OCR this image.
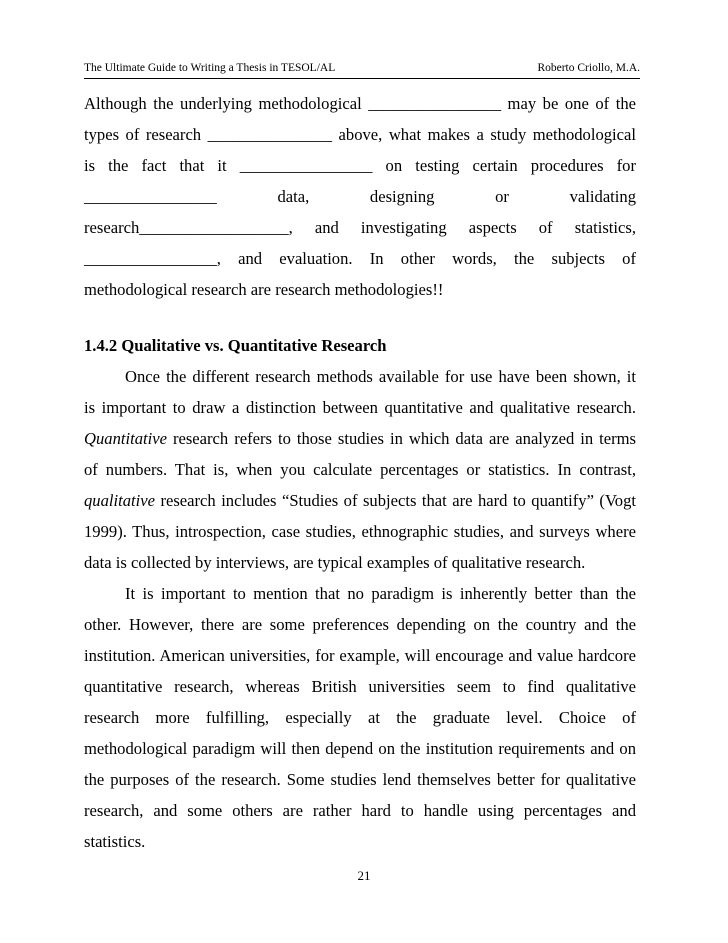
The Ultimate Guide to Writing a Thesis in TESOL/AL	Roberto Criollo, M.A.

Although the underlying methodological ________________ may be one of the
types of research _______________ above, what makes a study methodological
is the fact that it ________________ on testing certain procedures for
________________ data, designing or validating
research__________________, and investigating aspects of statistics,
________________, and evaluation. In other words, the subjects of
methodological research are research methodologies!!

1.4.2 Qualitative vs. Quantitative Research

Once the different research methods available for use have been shown, it
is important to draw a distinction between quantitative and qualitative research.
Quantitative research refers to those studies in which data are analyzed in terms
of numbers. That is, when you calculate percentages or statistics. In contrast,
qualitative research includes “Studies of subjects that are hard to quantify” (Vogt
1999). Thus, introspection, case studies, ethnographic studies, and surveys where
data is collected by interviews, are typical examples of qualitative research.

It is important to mention that no paradigm is inherently better than the
other. However, there are some preferences depending on the country and the
institution. American universities, for example, will encourage and value hardcore
quantitative research, whereas British universities seem to find qualitative
research more fulfilling, especially at the graduate level. Choice of
methodological paradigm will then depend on the institution requirements and on
the purposes of the research. Some studies lend themselves better for qualitative
research, and some others are rather hard to handle using percentages and
statistics.

21
